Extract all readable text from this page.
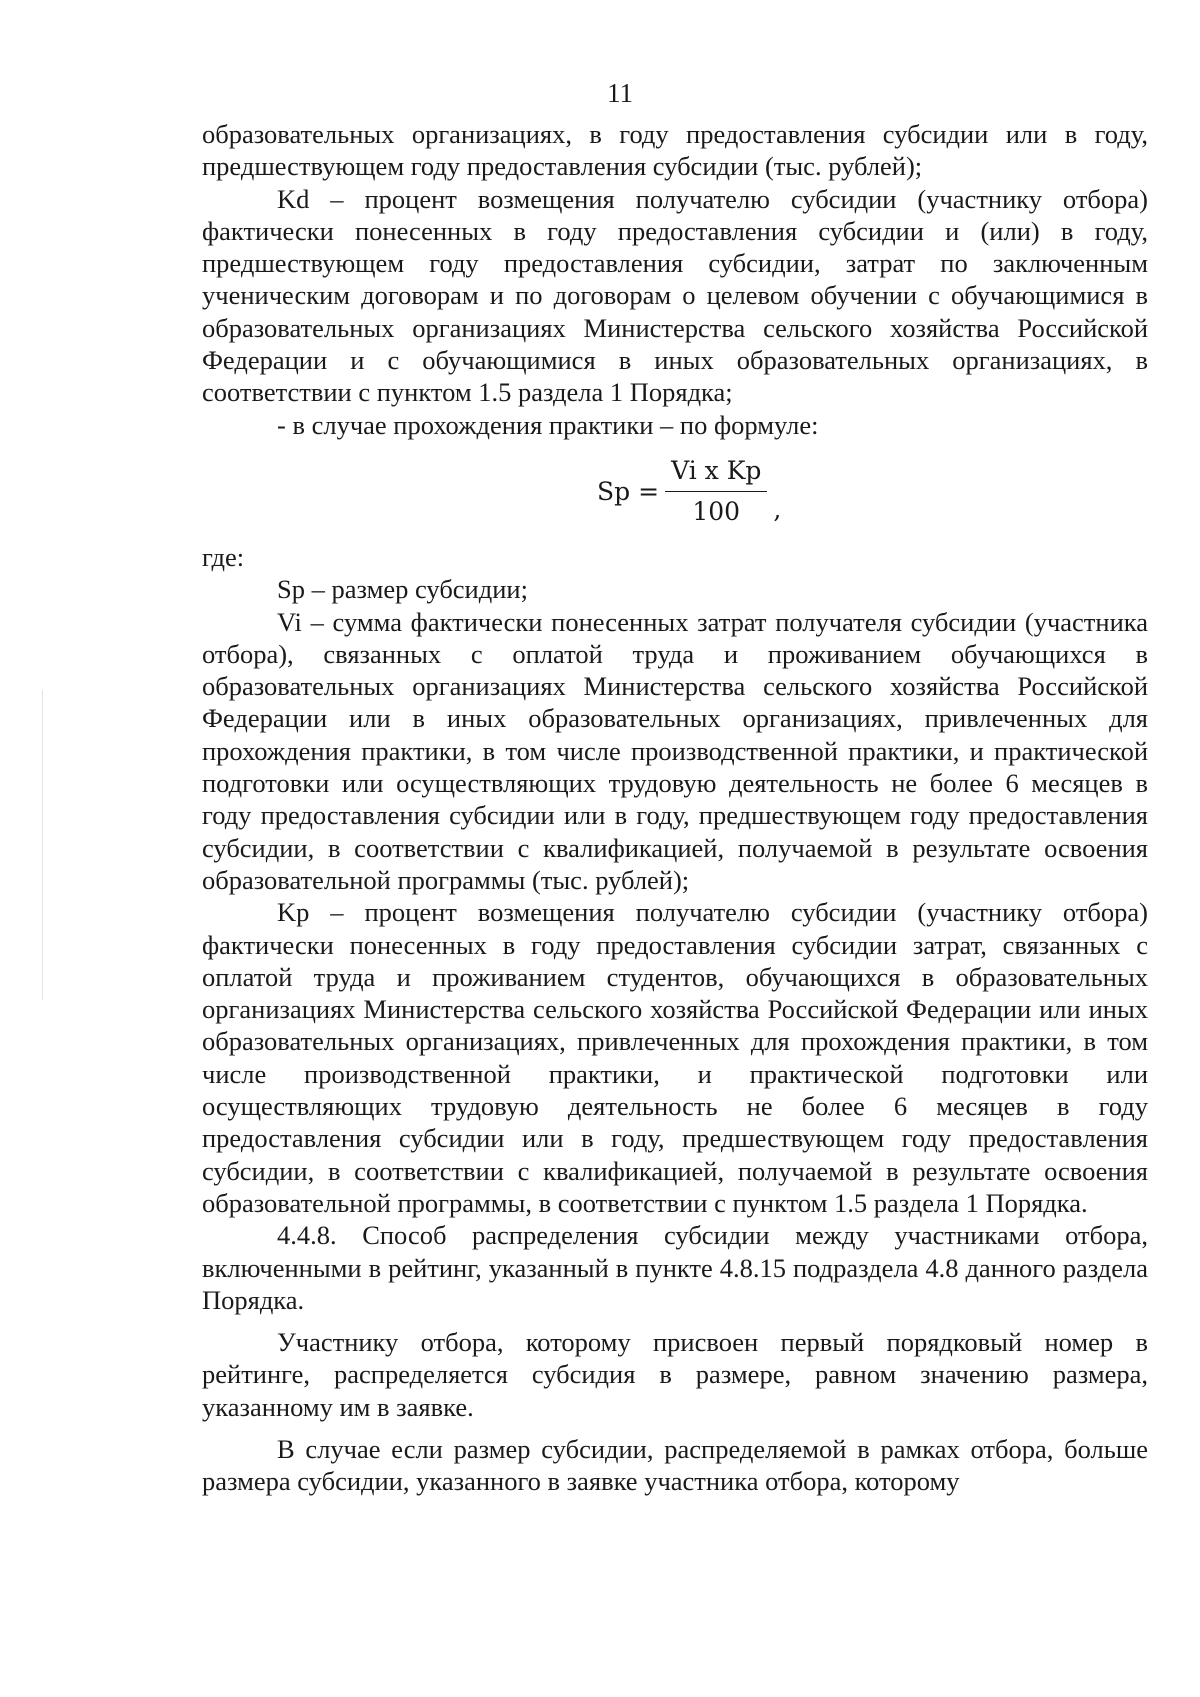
11

образовательных организациях, в году предоставления субсидии или в году, предшествующем году предоставления субсидии (тыс. рублей);

Kd – процент возмещения получателю субсидии (участнику отбора) фактически понесенных в году предоставления субсидии и (или) в году, предшествующем году предоставления субсидии, затрат по заключенным ученическим договорам и по договорам о целевом обучении с обучающимися в образовательных организациях Министерства сельского хозяйства Российской Федерации и с обучающимися в иных образовательных организациях, в соответствии с пунктом 1.5 раздела 1 Порядка;

- в случае прохождения практики – по формуле:

$Sp = \frac{\text{Vi x Kp}}{100}$ ,

где:

Sp – размер субсидии;

Vi – сумма фактически понесенных затрат получателя субсидии (участника отбора), связанных с оплатой труда и проживанием обучающихся в образовательных организациях Министерства сельского хозяйства Российской Федерации или в иных образовательных организациях, привлеченных для прохождения практики, в том числе производственной практики, и практической подготовки или осуществляющих трудовую деятельность не более 6 месяцев в году предоставления субсидии или в году, предшествующем году предоставления субсидии, в соответствии с квалификацией, получаемой в результате освоения образовательной программы (тыс. рублей);

Kp – процент возмещения получателю субсидии (участнику отбора) фактически понесенных в году предоставления субсидии затрат, связанных с оплатой труда и проживанием студентов, обучающихся в образовательных организациях Министерства сельского хозяйства Российской Федерации или иных образовательных организациях, привлеченных для прохождения практики, в том числе производственной практики, и практической подготовки или осуществляющих трудовую деятельность не более 6 месяцев в году предоставления субсидии или в году, предшествующем году предоставления субсидии, в соответствии с квалификацией, получаемой в результате освоения образовательной программы, в соответствии с пунктом 1.5 раздела 1 Порядка.

4.4.8. Способ распределения субсидии между участниками отбора, включенными в рейтинг, указанный в пункте 4.8.15 подраздела 4.8 данного раздела Порядка.

Участнику отбора, которому присвоен первый порядковый номер в рейтинге, распределяется субсидия в размере, равном значению размера, указанному им в заявке.

В случае если размер субсидии, распределяемой в рамках отбора, больше размера субсидии, указанного в заявке участника отбора, которому
